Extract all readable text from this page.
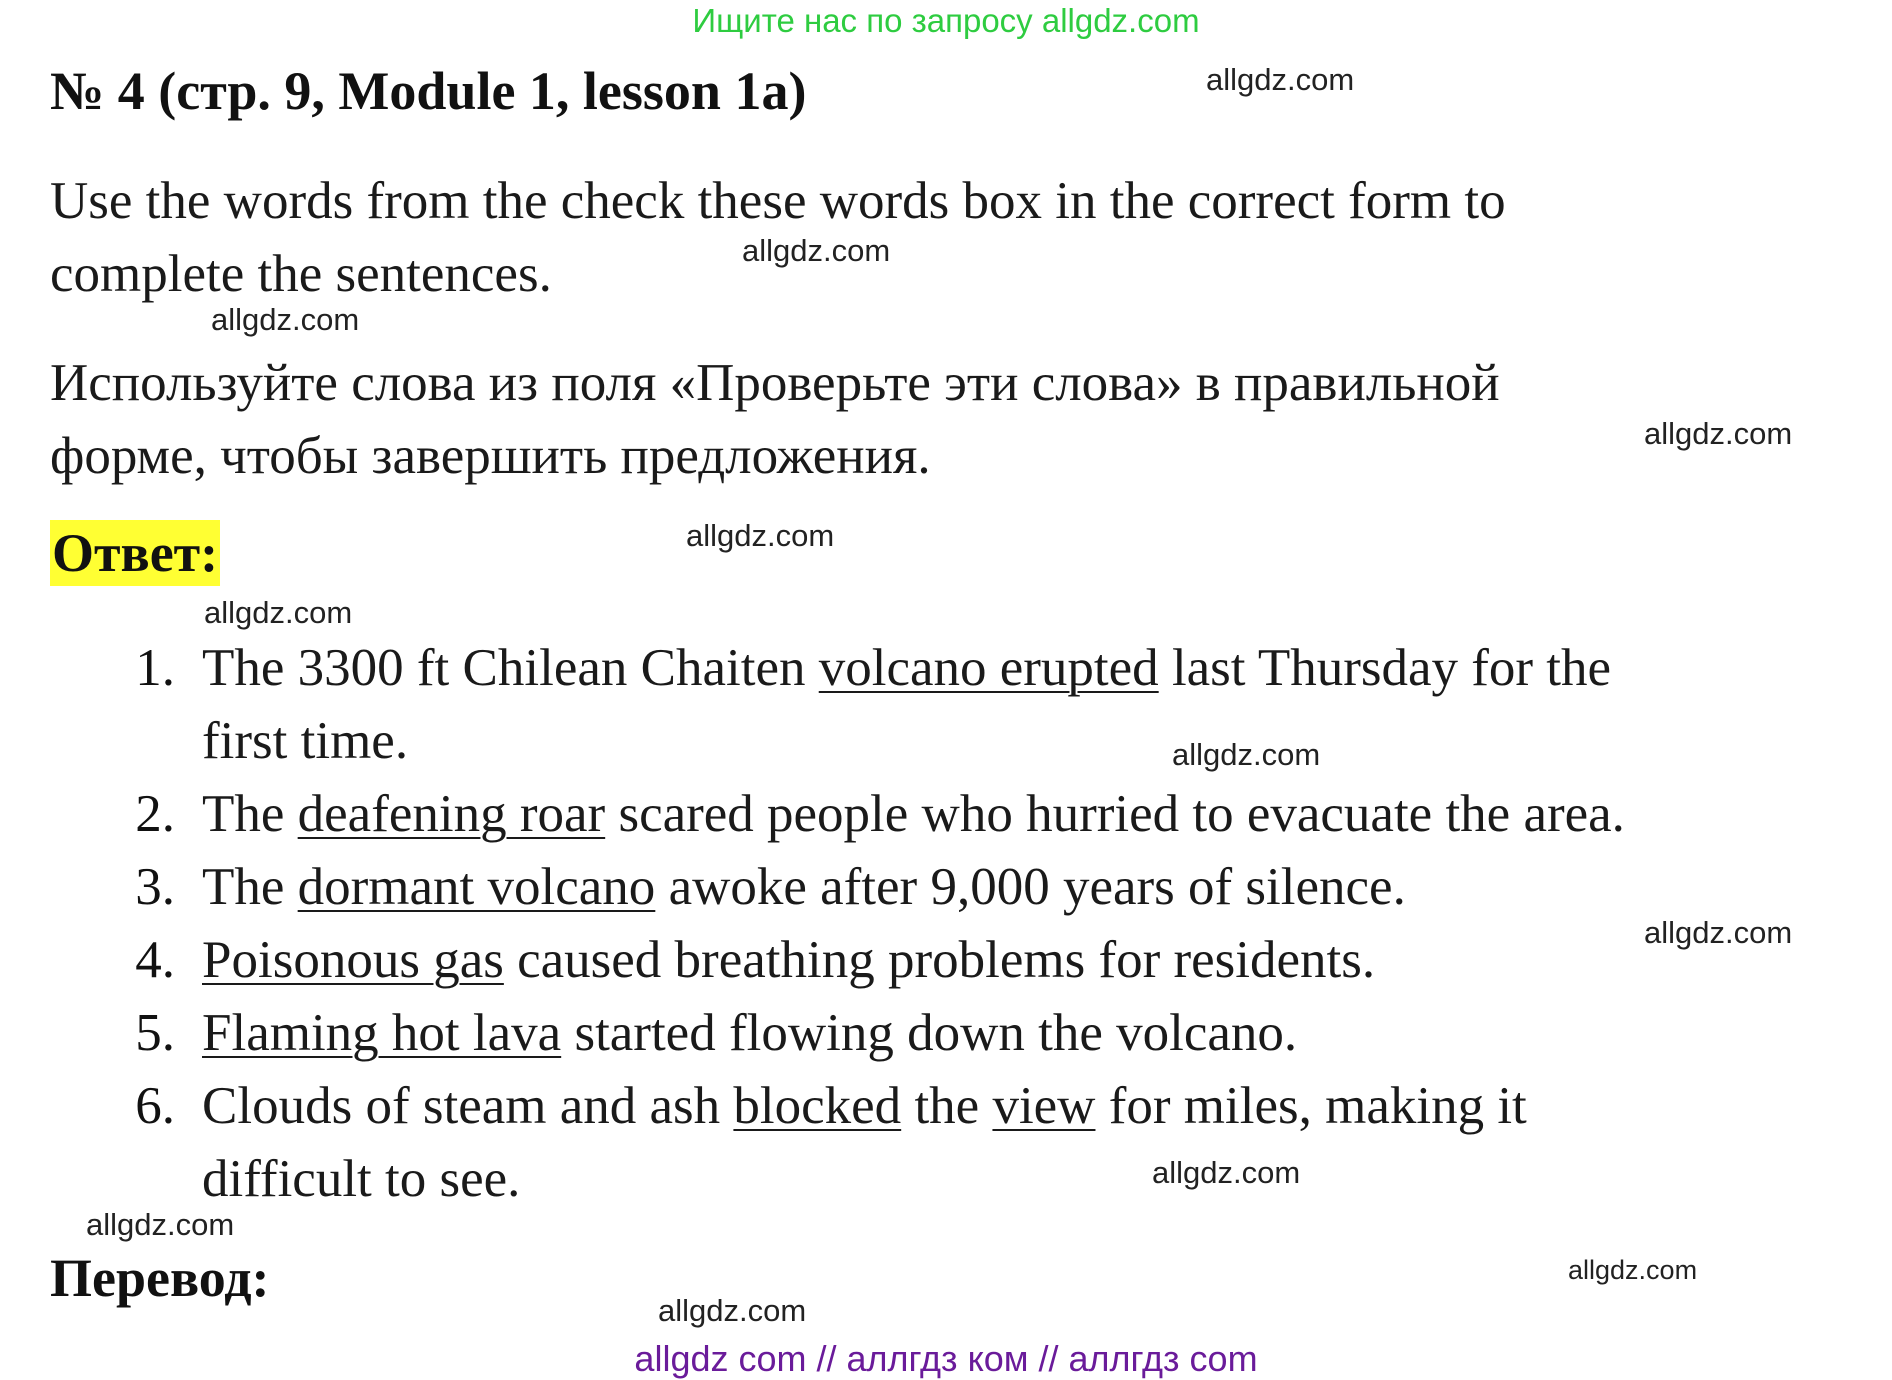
Ищите нас по запросу allgdz.com
№ 4 (стр. 9, Module 1, lesson 1a)
Use the words from the check these words box in the correct form to
complete the sentences.
Используйте слова из поля «Проверьте эти слова» в правильной
форме, чтобы завершить предложения.
Ответ:
1. The 3300 ft Chilean Chaiten volcano erupted last Thursday for the
first time.
2. The deafening roar scared people who hurried to evacuate the area.
3. The dormant volcano awoke after 9,000 years of silence.
4. Poisonous gas caused breathing problems for residents.
5. Flaming hot lava started flowing down the volcano.
6. Clouds of steam and ash blocked the view for miles, making it
difficult to see.
Перевод:
allgdz.com
allgdz.com
allgdz.com
allgdz.com
allgdz.com
allgdz.com
allgdz.com
allgdz.com
allgdz.com
allgdz.com
allgdz.com
allgdz.com
allgdz com // аллгдз ком // аллгдз com
